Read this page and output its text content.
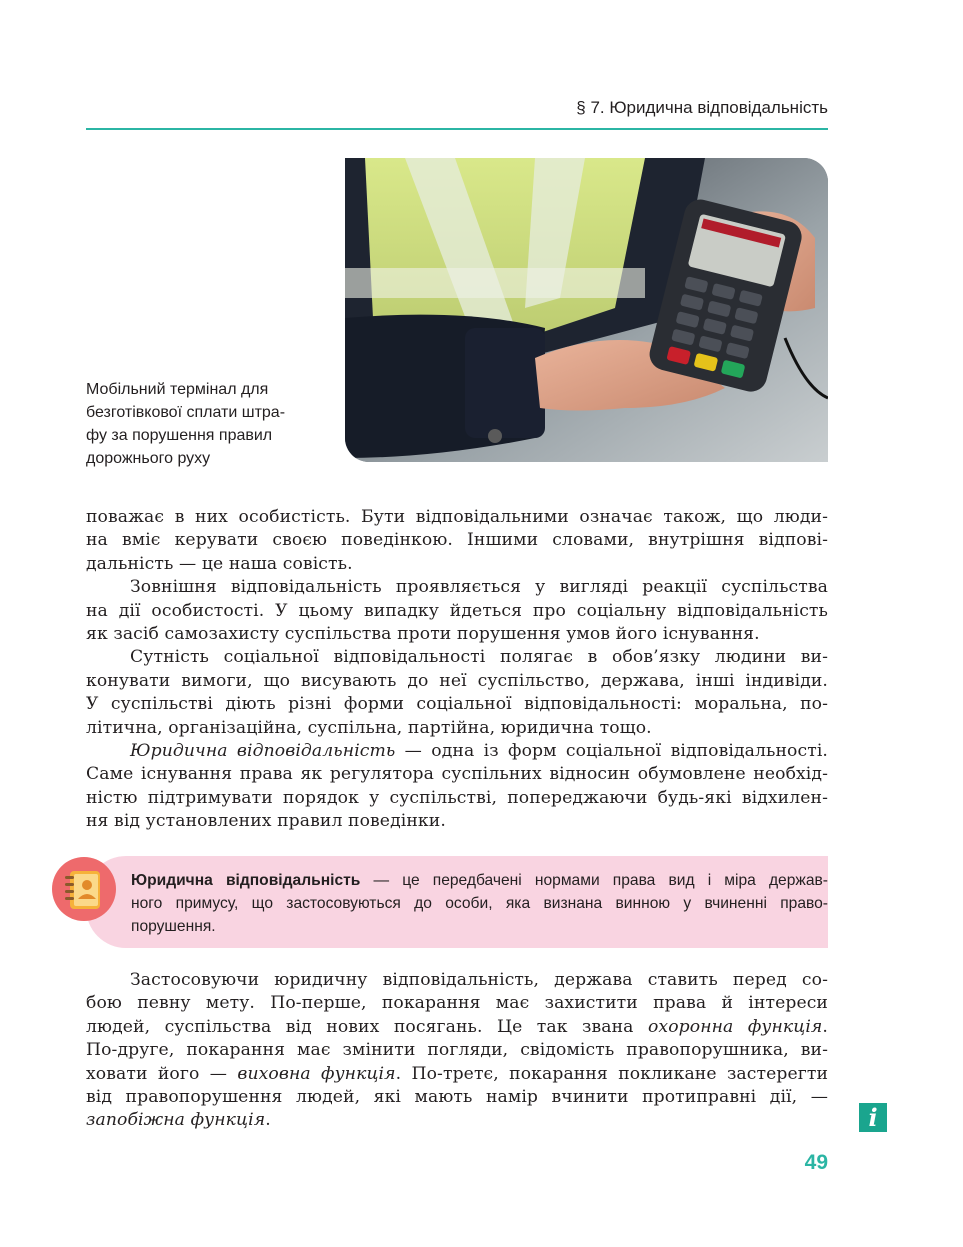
§ 7. Юридична відповідальність
Мобільний термінал для
безготівкової сплати штра-
фу за порушення правил
дорожнього руху
поважає в них особистість. Бути відповідальними означає також, що люди-
на вміє керувати своєю поведінкою. Іншими словами, внутрішня відпові-
дальність — це наша совість.
Зовнішня відповідальність проявляється у вигляді реакції суспільства
на дії особистості. У цьому випадку йдеться про соціальну відповідальність
як засіб самозахисту суспільства проти порушення умов його існування.
Сутність соціальної відповідальності полягає в обов’язку людини ви-
конувати вимоги, що висувають до неї суспільство, держава, інші індивіди.
У суспільстві діють різні форми соціальної відповідальності: моральна, по-
літична, організаційна, суспільна, партійна, юридична тощо.
Юридична відповідальність — одна із форм соціальної відповідальності.
Саме існування права як регулятора суспільних відносин обумовлене необхід-
ністю підтримувати порядок у суспільстві, попереджаючи будь-які відхилен-
ня від установлених правил поведінки.
Юридична відповідальність — це передбачені нормами права вид і міра держав-
ного примусу, що застосовуються до особи, яка визнана винною у вчиненні право-
порушення.
Застосовуючи юридичну відповідальність, держава ставить перед со-
бою певну мету. По-перше, покарання має захистити права й інтереси
людей, суспільства від нових посягань. Це так звана охоронна функція.
По-друге, покарання має змінити погляди, свідомість правопорушника, ви-
ховати його — виховна функція. По-третє, покарання покликане застерегти
від правопорушення людей, які мають намір вчинити протиправні дії, —
запобіжна функція.	i
49
